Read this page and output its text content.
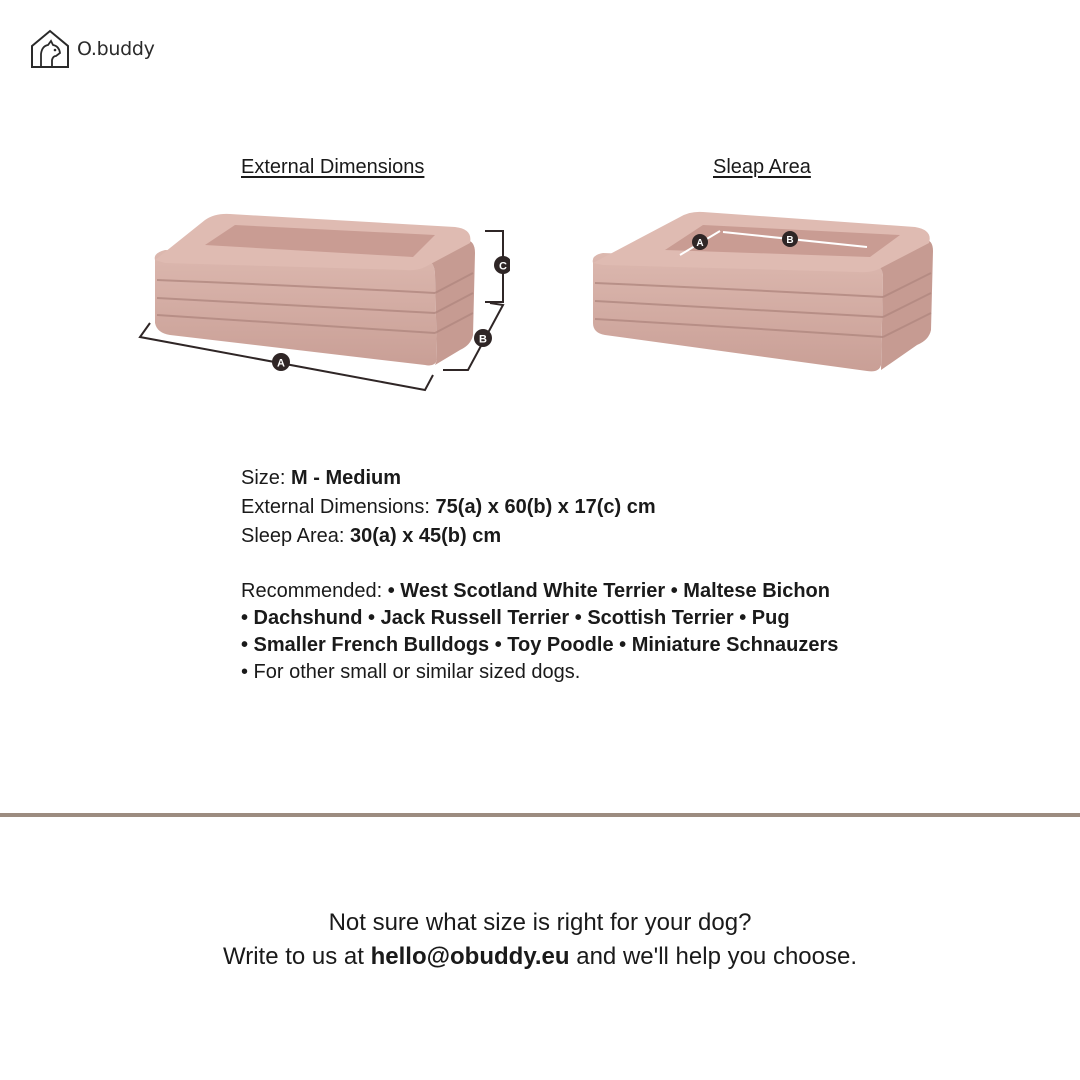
O.buddy
External Dimensions	Sleap Area
A
B
C
A	B
Size: M - Medium
External Dimensions: 75(a) x 60(b) x 17(c) cm
Sleep Area: 30(a) x 45(b) cm
Recommended: • West Scotland White Terrier • Maltese Bichon
• Dachshund • Jack Russell Terrier • Scottish Terrier • Pug
• Smaller French Bulldogs • Toy Poodle • Miniature Schnauzers
• For other small or similar sized dogs.
Not sure what size is right for your dog?
Write to us at hello@obuddy.eu and we'll help you choose.
